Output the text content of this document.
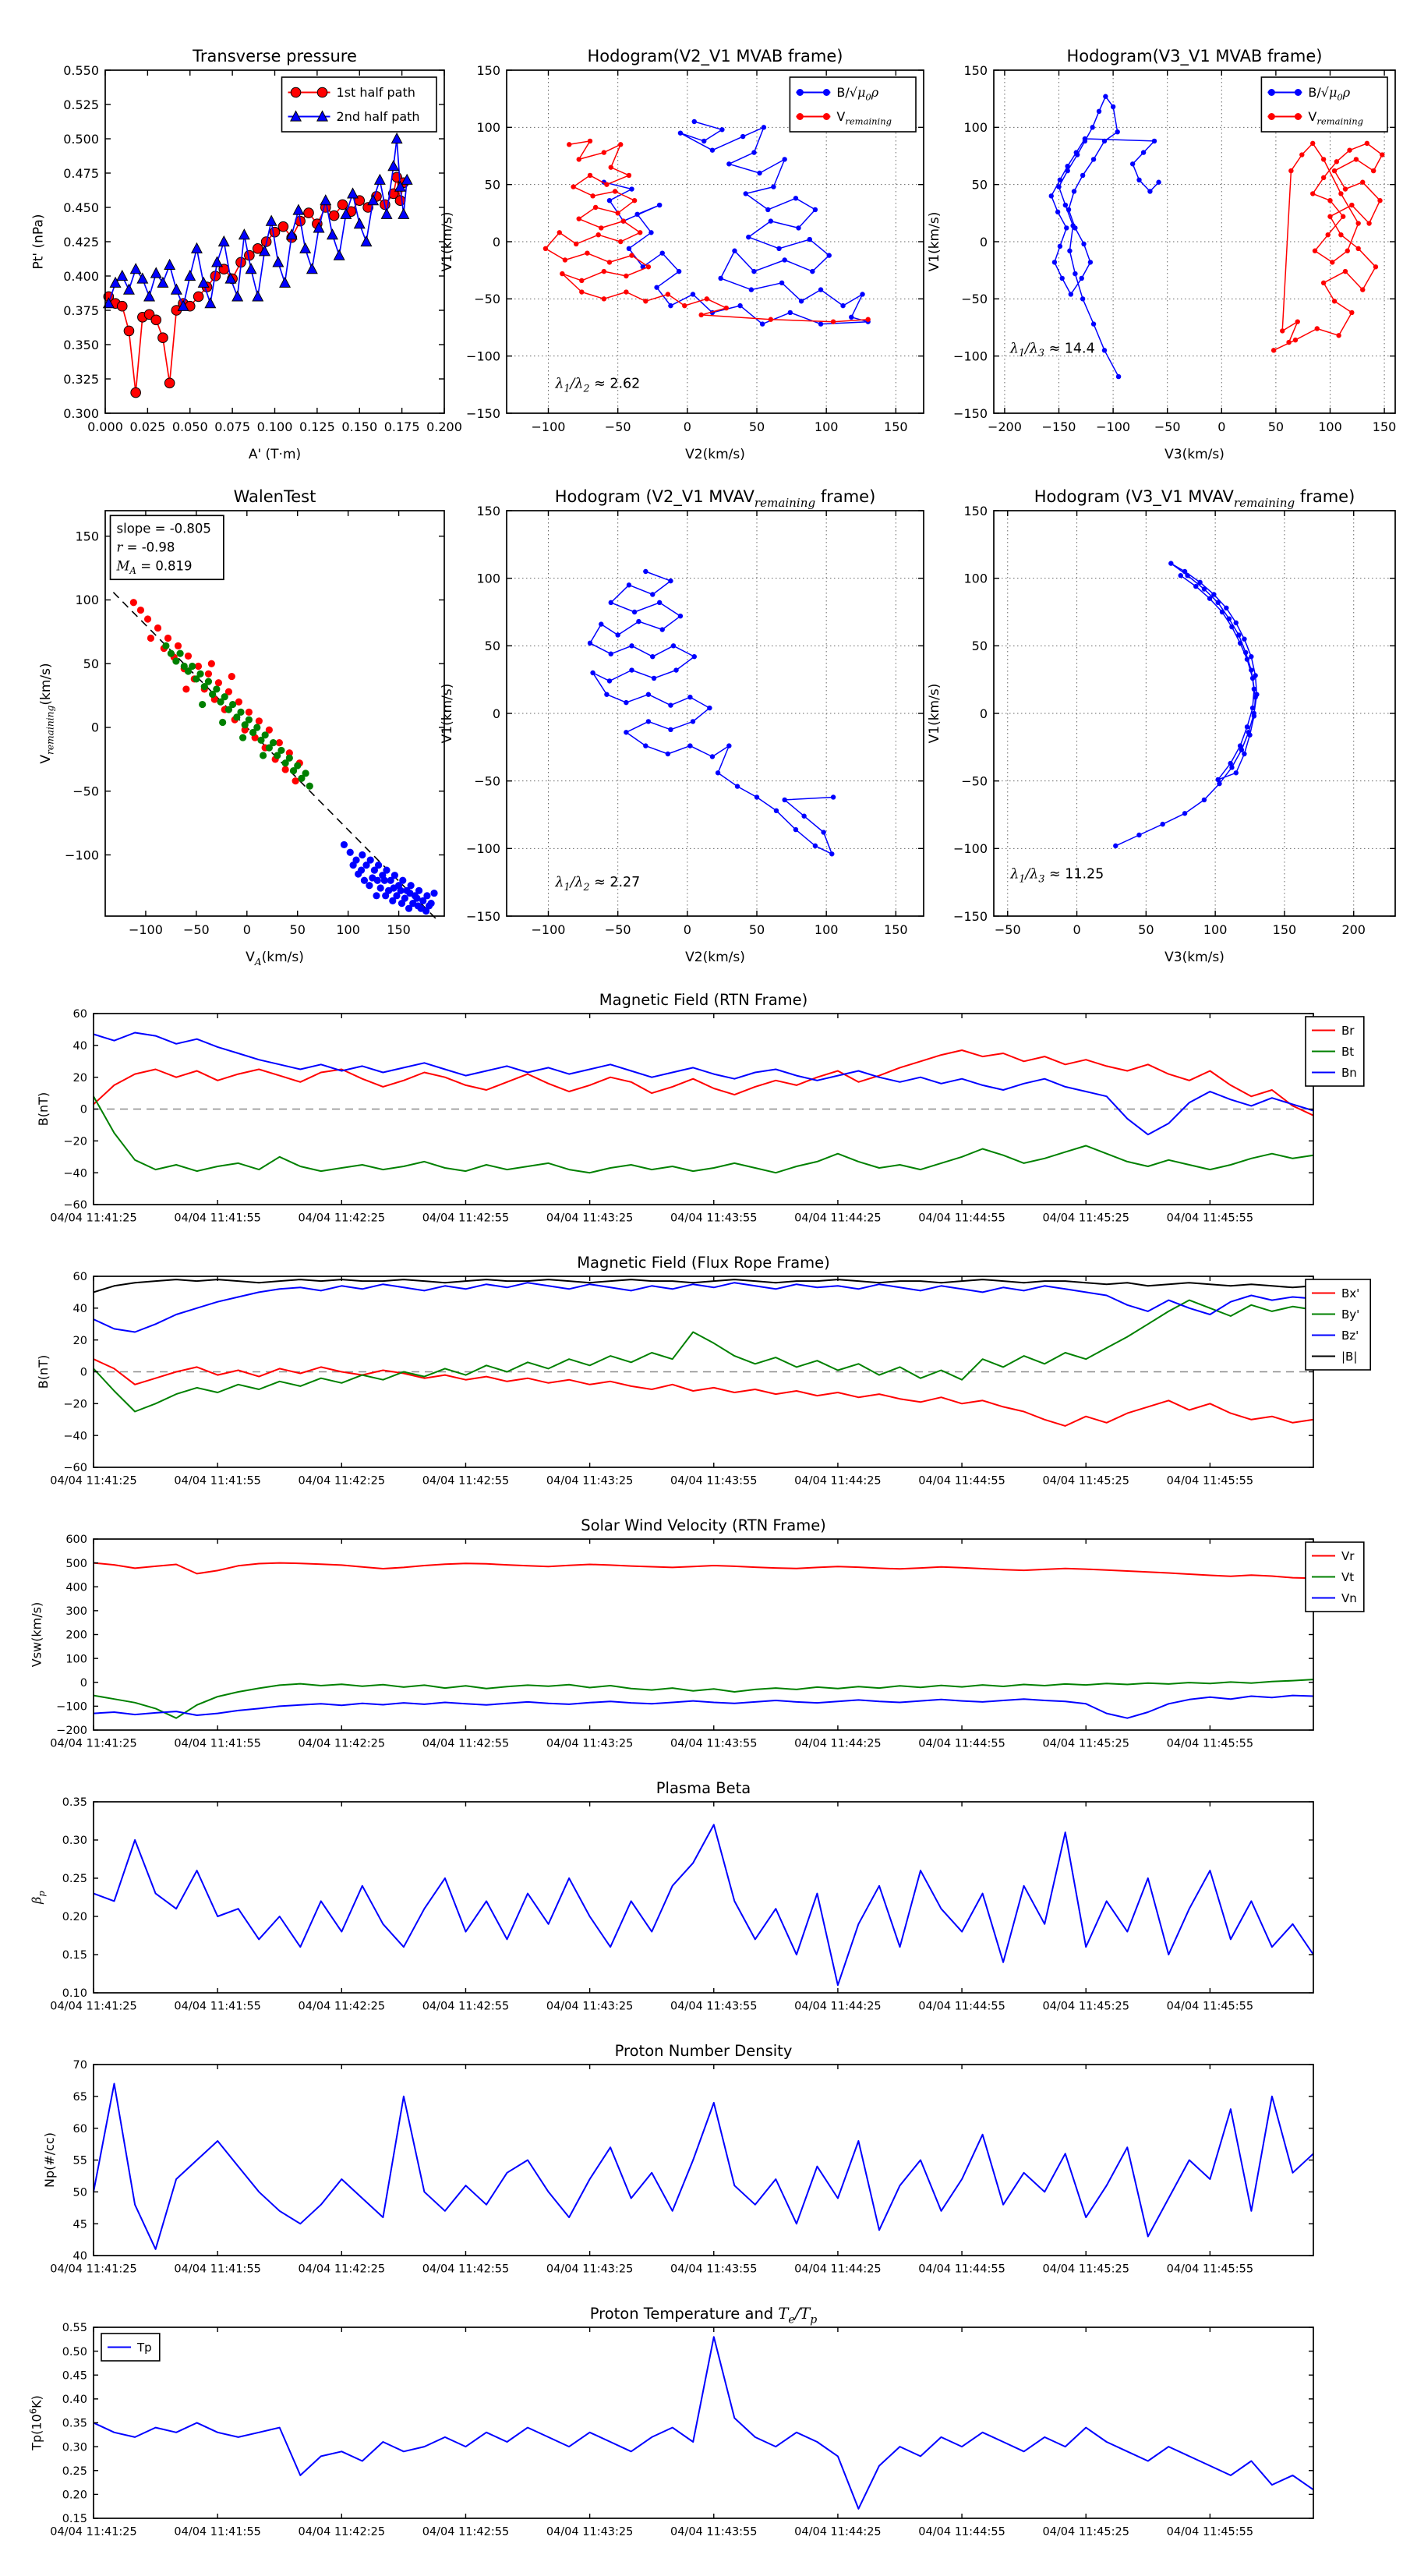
0.000 0.025 0.050 0.075 0.100 0.125 0.150 0.175 0.200
0.300
0.325
0.350
0.375
0.400
0.425
0.450
0.475
0.500
0.525
0.550
Transverse pressure
A' (T·m)
Pt' (nPa)
1st half path
2nd half path
−100	−50	0	50	100	150
−150
−100
−50
0
50
100
150
Hodogram(V2_V1 MVAB frame)
V2(km/s)
V1(km/s)
$\lambda_1/\lambda_2 \approx 2.62$
$B/√\mu_0\rho$
$V_{remaining}$
−200 −150 −100 −50	0	50	100 150
−150
−100
−50
0
50
100
150
Hodogram(V3_V1 MVAB frame)
V3(km/s)
V1(km/s)
$\lambda_1/\lambda_3 \approx 14.4$
$B/√\mu_0\rho$
$V_{remaining}$
−100 −50	0	50 100 150
−100
−50
0
50
100
150
WalenTest
$V_A(km/s)$
$V_{remaining}(km/s)$
slope = -0.805
r = -0.98
$M_A = 0.819$
−100	−50	0	50	100	150
−150
−100
−50
0
50
100
150
Hodogram (V2_V1 $MVAV_{remaining}$ frame)
V2(km/s)
V1(km/s)
$\lambda_1/\lambda_2 \approx 2.27$
−50	0	50	100	150	200
−150
−100
−50
0
50
100
150
Hodogram (V3_V1 $MVAV_{remaining}$ frame)
V3(km/s)
V1(km/s)
$\lambda_1/\lambda_3 \approx 11.25$
04/04 11:41:25	04/04 11:41:55	04/04 11:42:25	04/04 11:42:55	04/04 11:43:25	04/04 11:43:55	04/04 11:44:25	04/04 11:44:55	04/04 11:45:25	04/04 11:45:55
−60
−40
−20
0
20
40
60
Magnetic Field (RTN Frame)
B(nT)
Br
Bt
Bn
04/04 11:41:25	04/04 11:41:55	04/04 11:42:25	04/04 11:42:55	04/04 11:43:25	04/04 11:43:55	04/04 11:44:25	04/04 11:44:55	04/04 11:45:25	04/04 11:45:55
−60
−40
−20
0
20
40
60
Magnetic Field (Flux Rope Frame)
B(nT)
Bx'
By'
Bz'
|B|
04/04 11:41:25	04/04 11:41:55	04/04 11:42:25	04/04 11:42:55	04/04 11:43:25	04/04 11:43:55	04/04 11:44:25	04/04 11:44:55	04/04 11:45:25	04/04 11:45:55
−200
−100
0
100
200
300
400
500
600
Solar Wind Velocity (RTN Frame)
Vsw(km/s)
Vr
Vt
Vn
04/04 11:41:25	04/04 11:41:55	04/04 11:42:25	04/04 11:42:55	04/04 11:43:25	04/04 11:43:55	04/04 11:44:25	04/04 11:44:55	04/04 11:45:25	04/04 11:45:55
0.10
0.15
0.20
0.25
0.30
0.35
Plasma Beta
$\beta_p$
04/04 11:41:25	04/04 11:41:55	04/04 11:42:25	04/04 11:42:55	04/04 11:43:25	04/04 11:43:55	04/04 11:44:25	04/04 11:44:55	04/04 11:45:25	04/04 11:45:55
40
45
50
55
60
65
70
Proton Number Density
Np(#/cc)
04/04 11:41:25	04/04 11:41:55	04/04 11:42:25	04/04 11:42:55	04/04 11:43:25	04/04 11:43:55	04/04 11:44:25	04/04 11:44:55	04/04 11:45:25	04/04 11:45:55
0.15
0.20
0.25
0.30
0.35
0.40
0.45
0.50
0.55
Proton Temperature and $T_e/T_p$
$Tp(10^6K)$
Tp
